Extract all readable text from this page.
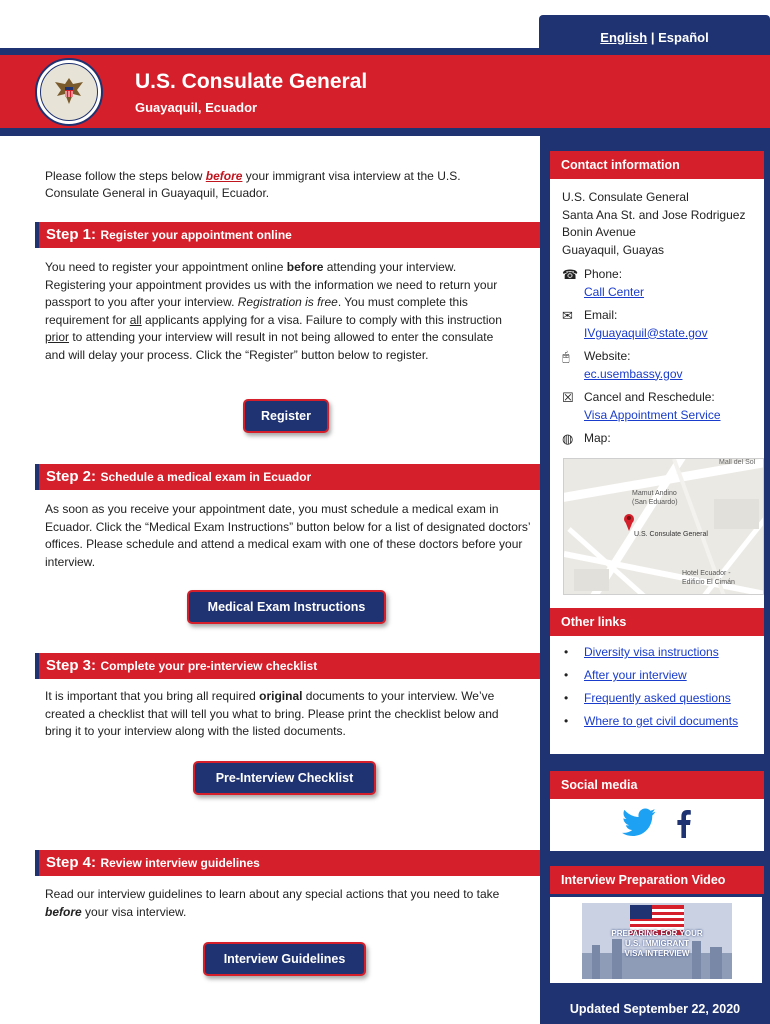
English | Español
U.S. Consulate General
Guayaquil, Ecuador
Please follow the steps below before your immigrant visa interview at the U.S. Consulate General in Guayaquil, Ecuador.
Step 1: Register your appointment online
You need to register your appointment online before attending your interview. Registering your appointment provides us with the information we need to return your passport to you after your interview. Registration is free. You must complete this requirement for all applicants applying for a visa. Failure to comply with this instruction prior to attending your interview will result in not being allowed to enter the consulate and will delay your process. Click the “Register” button below to register.
Register
Step 2: Schedule a medical exam in Ecuador
As soon as you receive your appointment date, you must schedule a medical exam in Ecuador. Click the “Medical Exam Instructions” button below for a list of designated doctors’ offices. Please schedule and attend a medical exam with one of these doctors before your interview.
Medical Exam Instructions
Step 3: Complete your pre-interview checklist
It is important that you bring all required original documents to your interview. We’ve created a checklist that will tell you what to bring. Please print the checklist below and bring it to your interview along with the listed documents.
Pre-Interview Checklist
Step 4: Review interview guidelines
Read our interview guidelines to learn about any special actions that you need to take before your visa interview.
Interview Guidelines
Contact information
U.S. Consulate General
Santa Ana St. and Jose Rodriguez
Bonin Avenue
Guayaquil, Guayas
☎ Phone:
Call Center
✉ Email:
IVguayaquil@state.gov
🖰	Website:
ec.usembassy.gov
☒ Cancel and Reschedule:
Visa Appointment Service
◍ Map:
Mall del Sol
U.S. Consulate General
Mamut Andino
(San Eduardo)
Hotel Ecuador -
Edificio El Cimán
Other links
•	Diversity visa instructions
•	After your interview
•	Frequently asked questions
•	Where to get civil documents
Social media
Interview Preparation Video
PREPARING FOR YOUR
U.S. IMMIGRANT
VISA INTERVIEW
Updated September 22, 2020
